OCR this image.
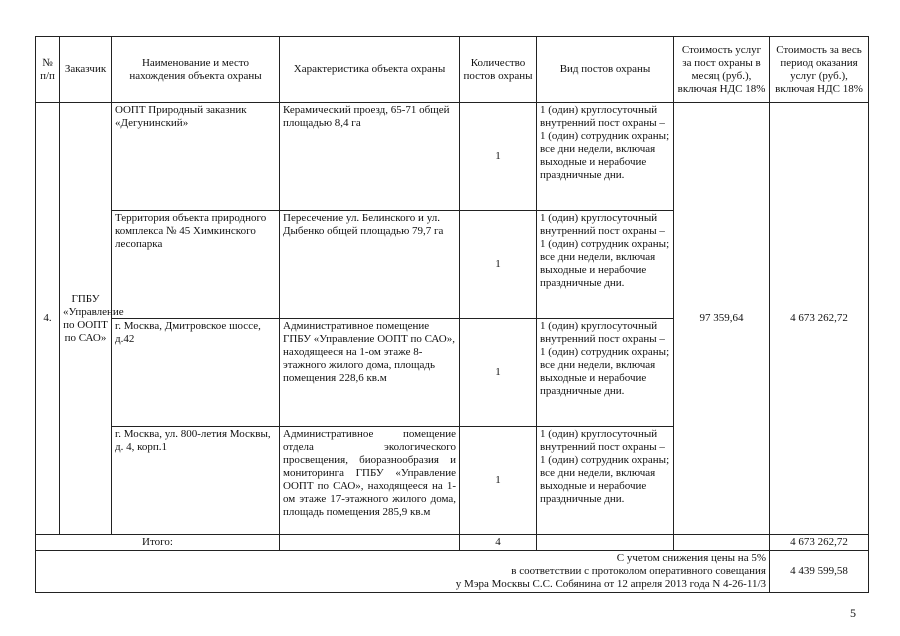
№ п/п	Заказчик	Наименование и место нахождения объекта охраны	Характеристика объекта охраны	Количество постов охраны	Вид постов охраны	Стоимость услуг за пост охраны в месяц (руб.), включая НДС 18%	Стоимость за весь период оказания услуг (руб.), включая НДС 18%
4.	ГПБУ «Управление по ООПТ по САО»	ООПТ Природный заказник «Дегунинский»	Керамический проезд, 65-71 общей площадью 8,4 га	1	1 (один) круглосуточный внутренний пост охраны – 1 (один) сотрудник охраны; все дни недели, включая выходные и нерабочие праздничные дни.	97 359,64	4 673 262,72
		Территория объекта природного комплекса № 45 Химкинского лесопарка	Пересечение ул. Белинского и ул. Дыбенко общей площадью 79,7 га	1	1 (один) круглосуточный внутренний пост охраны – 1 (один) сотрудник охраны; все дни недели, включая выходные и нерабочие праздничные дни.		
		г. Москва, Дмитровское шоссе, д.42	Административное помещение ГПБУ «Управление ООПТ по САО», находящееся на 1-ом этаже 8-этажного жилого дома, площадь помещения 228,6 кв.м	1	1 (один) круглосуточный внутренний пост охраны – 1 (один) сотрудник охраны; все дни недели, включая выходные и нерабочие праздничные дни.		
		г. Москва, ул. 800-летия Москвы, д. 4, корп.1	Административное помещение отдела экологического просвещения, биоразнообразия и мониторинга ГПБУ «Управление ООПТ по САО», находящееся на 1-ом этаже 17-этажного жилого дома, площадь помещения 285,9 кв.м	1	1 (один) круглосуточный внутренний пост охраны – 1 (один) сотрудник охраны; все дни недели, включая выходные и нерабочие праздничные дни.		
Итого:				4			4 673 262,72

С учетом снижения цены на 5%
в соответствии с протоколом оперативного совещания
у Мэра Москвы С.С. Собянина от 12 апреля 2013 года N 4-26-11/3							4 439 599,58
5
